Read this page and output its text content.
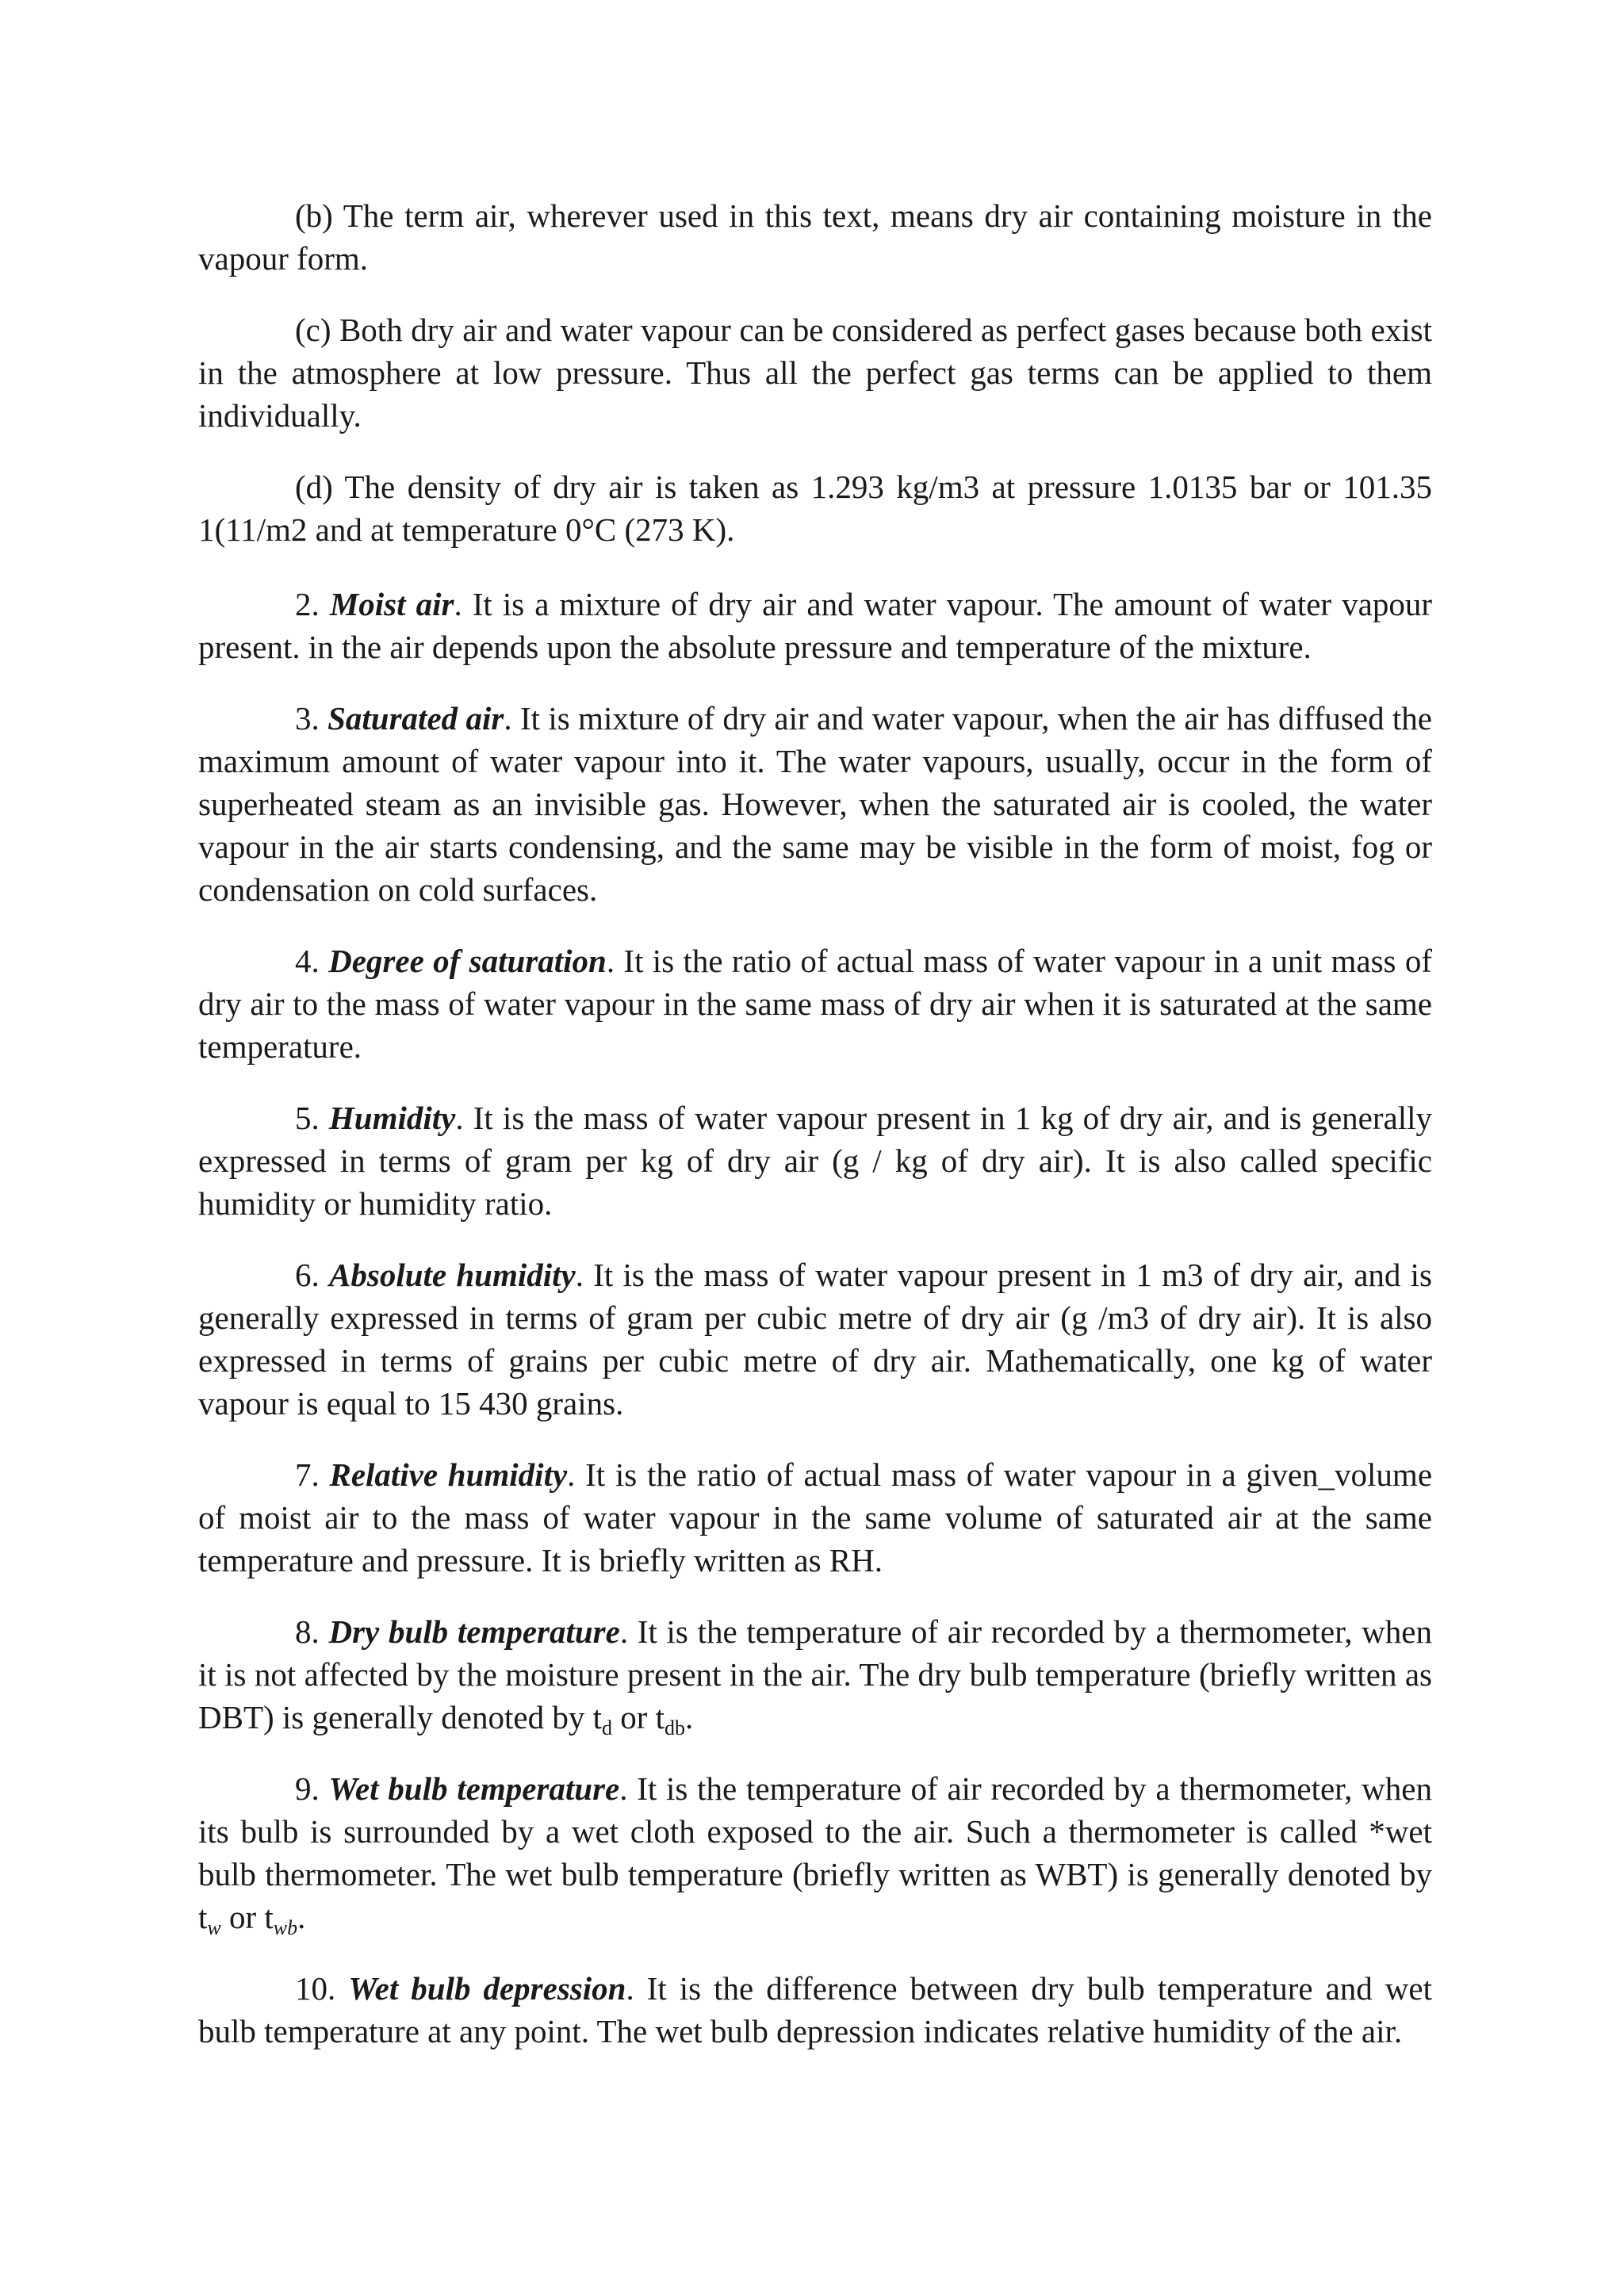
(b) The term air, wherever used in this text, means dry air containing moisture in the vapour form.

(c) Both dry air and water vapour can be considered as perfect gases because both exist in the atmosphere at low pressure. Thus all the perfect gas terms can be applied to them individually.

(d) The density of dry air is taken as 1.293 kg/m3 at pressure 1.0135 bar or 101.35 1(11/m2 and at temperature 0°C (273 K).

2. Moist air. It is a mixture of dry air and water vapour. The amount of water vapour present. in the air depends upon the absolute pressure and temperature of the mixture.

3. Saturated air. It is mixture of dry air and water vapour, when the air has diffused the maximum amount of water vapour into it. The water vapours, usually, occur in the form of superheated steam as an invisible gas. However, when the saturated air is cooled, the water vapour in the air starts condensing, and the same may be visible in the form of moist, fog or condensation on cold surfaces.

4. Degree of saturation. It is the ratio of actual mass of water vapour in a unit mass of dry air to the mass of water vapour in the same mass of dry air when it is saturated at the same temperature.

5. Humidity. It is the mass of water vapour present in 1 kg of dry air, and is generally expressed in terms of gram per kg of dry air (g / kg of dry air). It is also called specific humidity or humidity ratio.

6. Absolute humidity. It is the mass of water vapour present in 1 m3 of dry air, and is generally expressed in terms of gram per cubic metre of dry air (g /m3 of dry air). It is also expressed in terms of grains per cubic metre of dry air. Mathematically, one kg of water vapour is equal to 15 430 grains.

7. Relative humidity. It is the ratio of actual mass of water vapour in a given_volume of moist air to the mass of water vapour in the same volume of saturated air at the same temperature and pressure. It is briefly written as RH.

8. Dry bulb temperature. It is the temperature of air recorded by a thermometer, when it is not affected by the moisture present in the air. The dry bulb temperature (briefly written as DBT) is generally denoted by $t_d$ or $t_{db}$.

9. Wet bulb temperature. It is the temperature of air recorded by a thermometer, when its bulb is surrounded by a wet cloth exposed to the air. Such a thermometer is called *wet bulb thermometer. The wet bulb temperature (briefly written as WBT) is generally denoted by $t_w$ or $t_{wb}$.

10. Wet bulb depression. It is the difference between dry bulb temperature and wet bulb temperature at any point. The wet bulb depression indicates relative humidity of the air.
